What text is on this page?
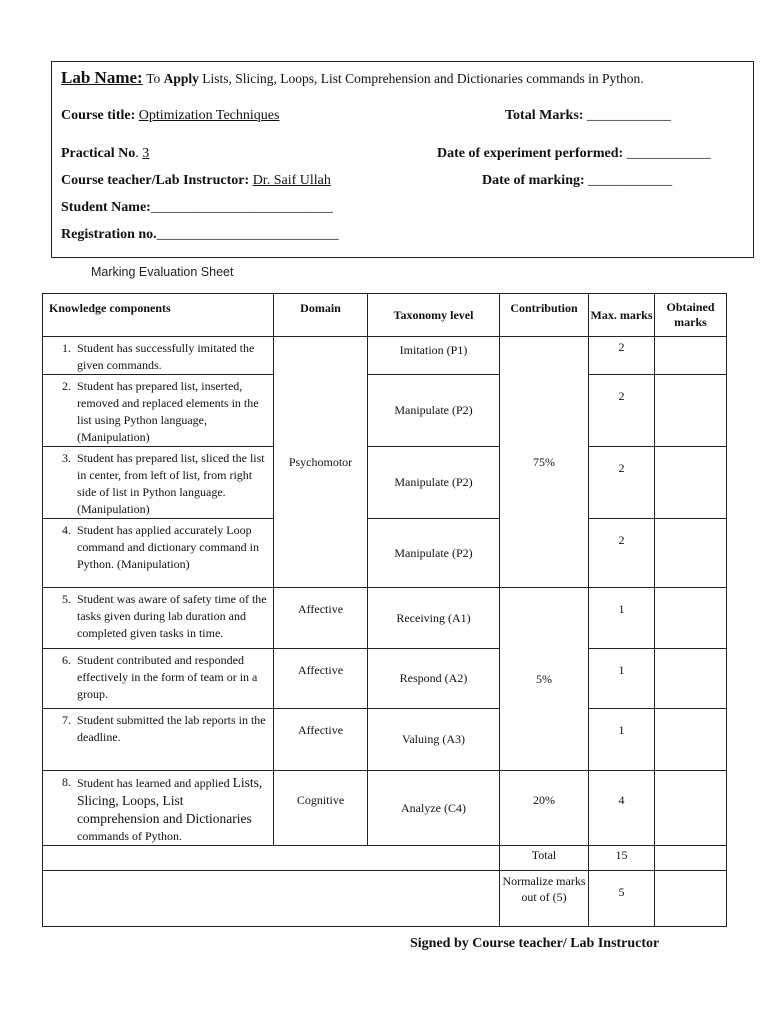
Lab Name: To Apply Lists, Slicing, Loops, List Comprehension and Dictionaries commands in Python.
Course title: Optimization Techniques	Total Marks: ____________
Practical No. 3	Date of experiment performed: ____________
Course teacher/Lab Instructor: Dr. Saif Ullah	Date of marking: ____________
Student Name:__________________________
Registration no.__________________________
Marking Evaluation Sheet
Knowledge components	Domain	Taxonomy level	Contribution	Max. marks	Obtained marks

1. Student has successfully imitated the given commands.	Psychomotor	Imitation (P1)	75%	2	

2. Student has prepared list, inserted, removed and replaced elements in the list using Python language, (Manipulation)		Manipulate (P2)		2	

3. Student has prepared list, sliced the list in center, from left of list, from right side of list in Python language. (Manipulation)		Manipulate (P2)		2	

4. Student has applied accurately Loop command and dictionary command in Python. (Manipulation)		Manipulate (P2)		2	

5. Student was aware of safety time of the tasks given during lab duration and completed given tasks in time.	Affective	Receiving (A1)	5%	1	

6. Student contributed and responded effectively in the form of team or in a group.	Affective	Respond (A2)		1	

7. Student submitted the lab reports in the deadline.	Affective	Valuing (A3)		1	

8. Student has learned and applied Lists, Slicing, Loops, List comprehension and Dictionaries commands of Python.	Cognitive	Analyze (C4)	20%	4	
			Total	15	
			Normalize marks out of (5)	5	
Signed by Course teacher/ Lab Instructor
